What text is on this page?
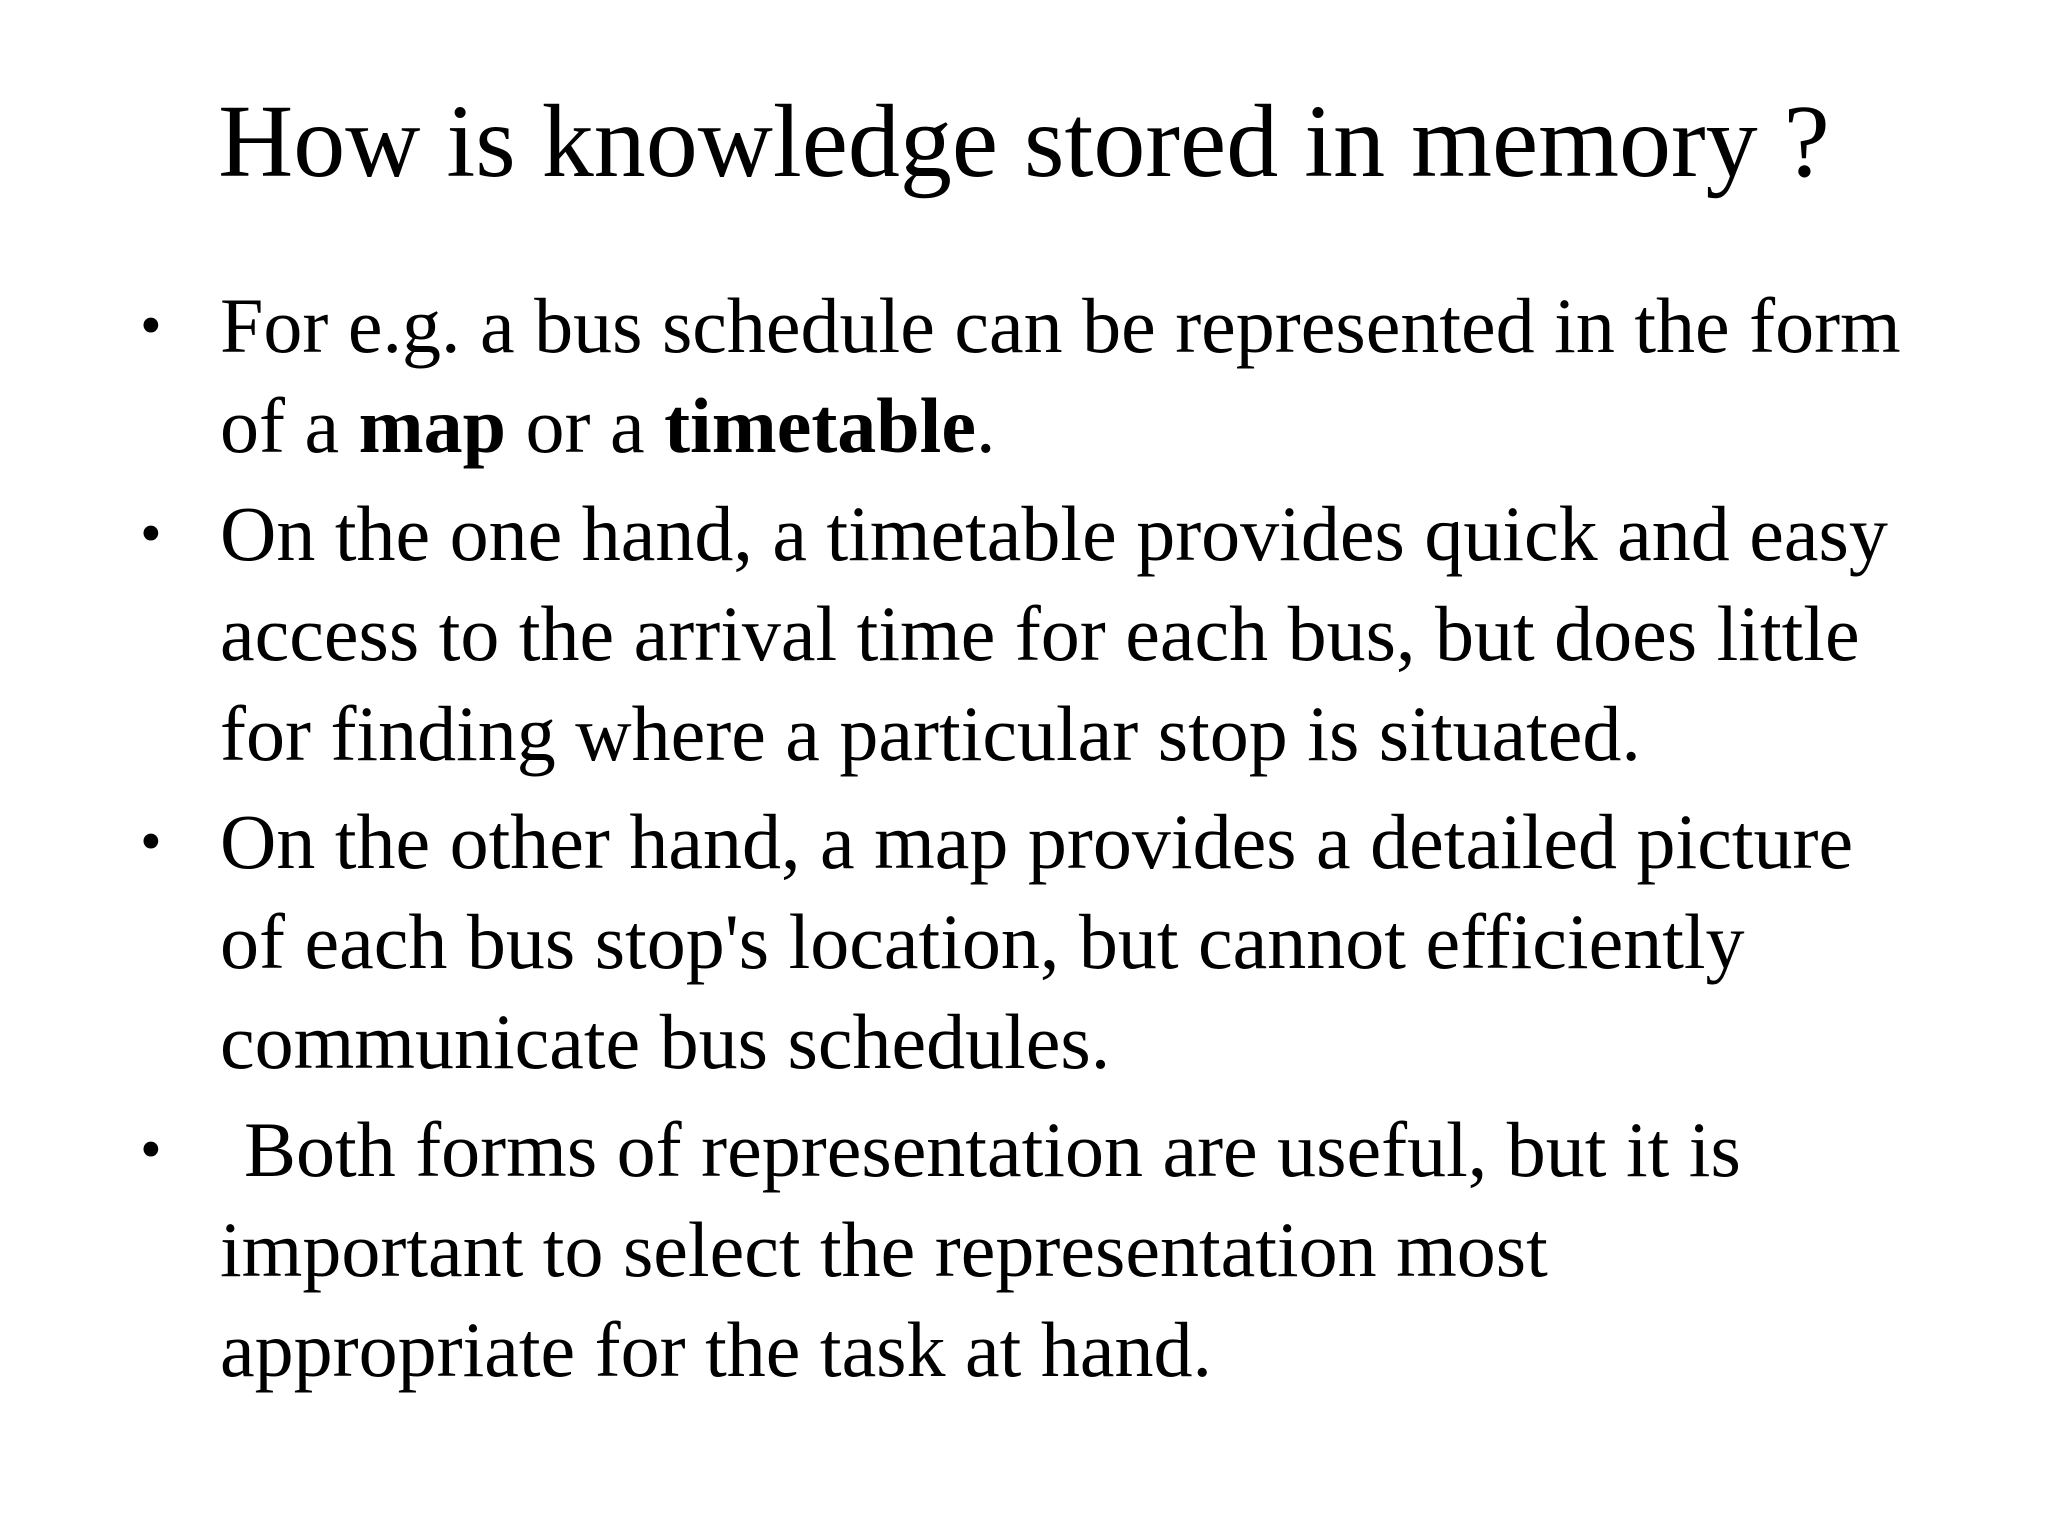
How is knowledge stored in memory ?
• For e.g. a bus schedule can be represented in the form
of a map or a timetable.
• On the one hand, a timetable provides quick and easy
access to the arrival time for each bus, but does little
for finding where a particular stop is situated.
• On the other hand, a map provides a detailed picture
of each bus stop's location, but cannot efficiently
communicate bus schedules.
•	Both forms of representation are useful, but it is
important to select the representation most
appropriate for the task at hand.
